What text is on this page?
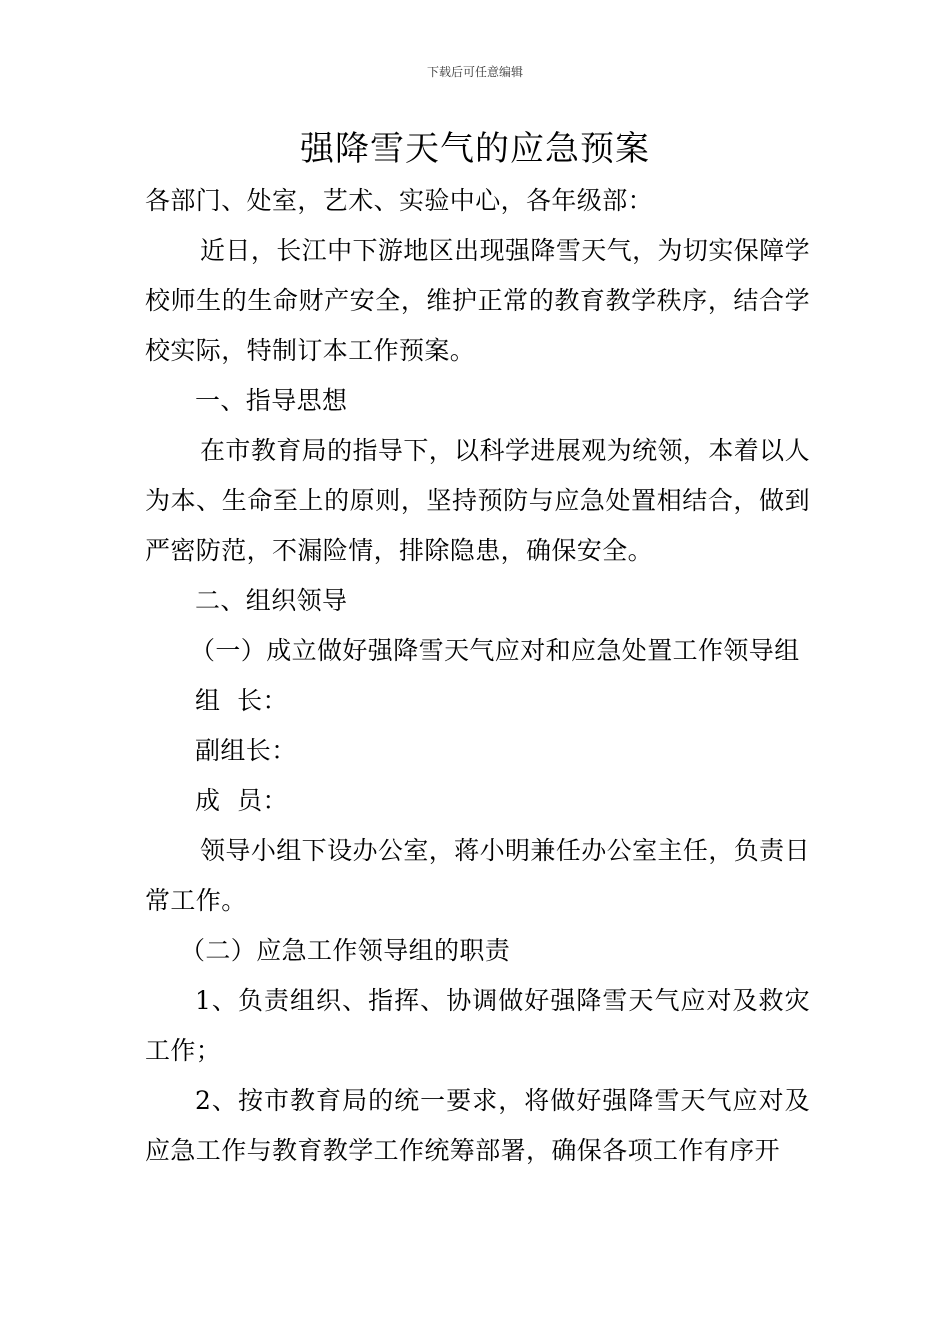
下载后可任意编辑
强降雪天气的应急预案

各部门、处室，艺术、实验中心，各年级部：

近日，长江中下游地区出现强降雪天气，为切实保障学校师生的生命财产安全，维护正常的教育教学秩序，结合学校实际，特制订本工作预案。

一、指导思想

在市教育局的指导下，以科学进展观为统领，本着以人为本、生命至上的原则，坚持预防与应急处置相结合，做到严密防范，不漏险情，排除隐患，确保安全。

二、组织领导

（一）成立做好强降雪天气应对和应急处置工作领导组

组  长：

副组长：

成  员：

领导小组下设办公室，蒋小明兼任办公室主任，负责日常工作。

（二）应急工作领导组的职责

1、负责组织、指挥、协调做好强降雪天气应对及救灾工作；

2、按市教育局的统一要求，将做好强降雪天气应对及应急工作与教育教学工作统筹部署，确保各项工作有序开
